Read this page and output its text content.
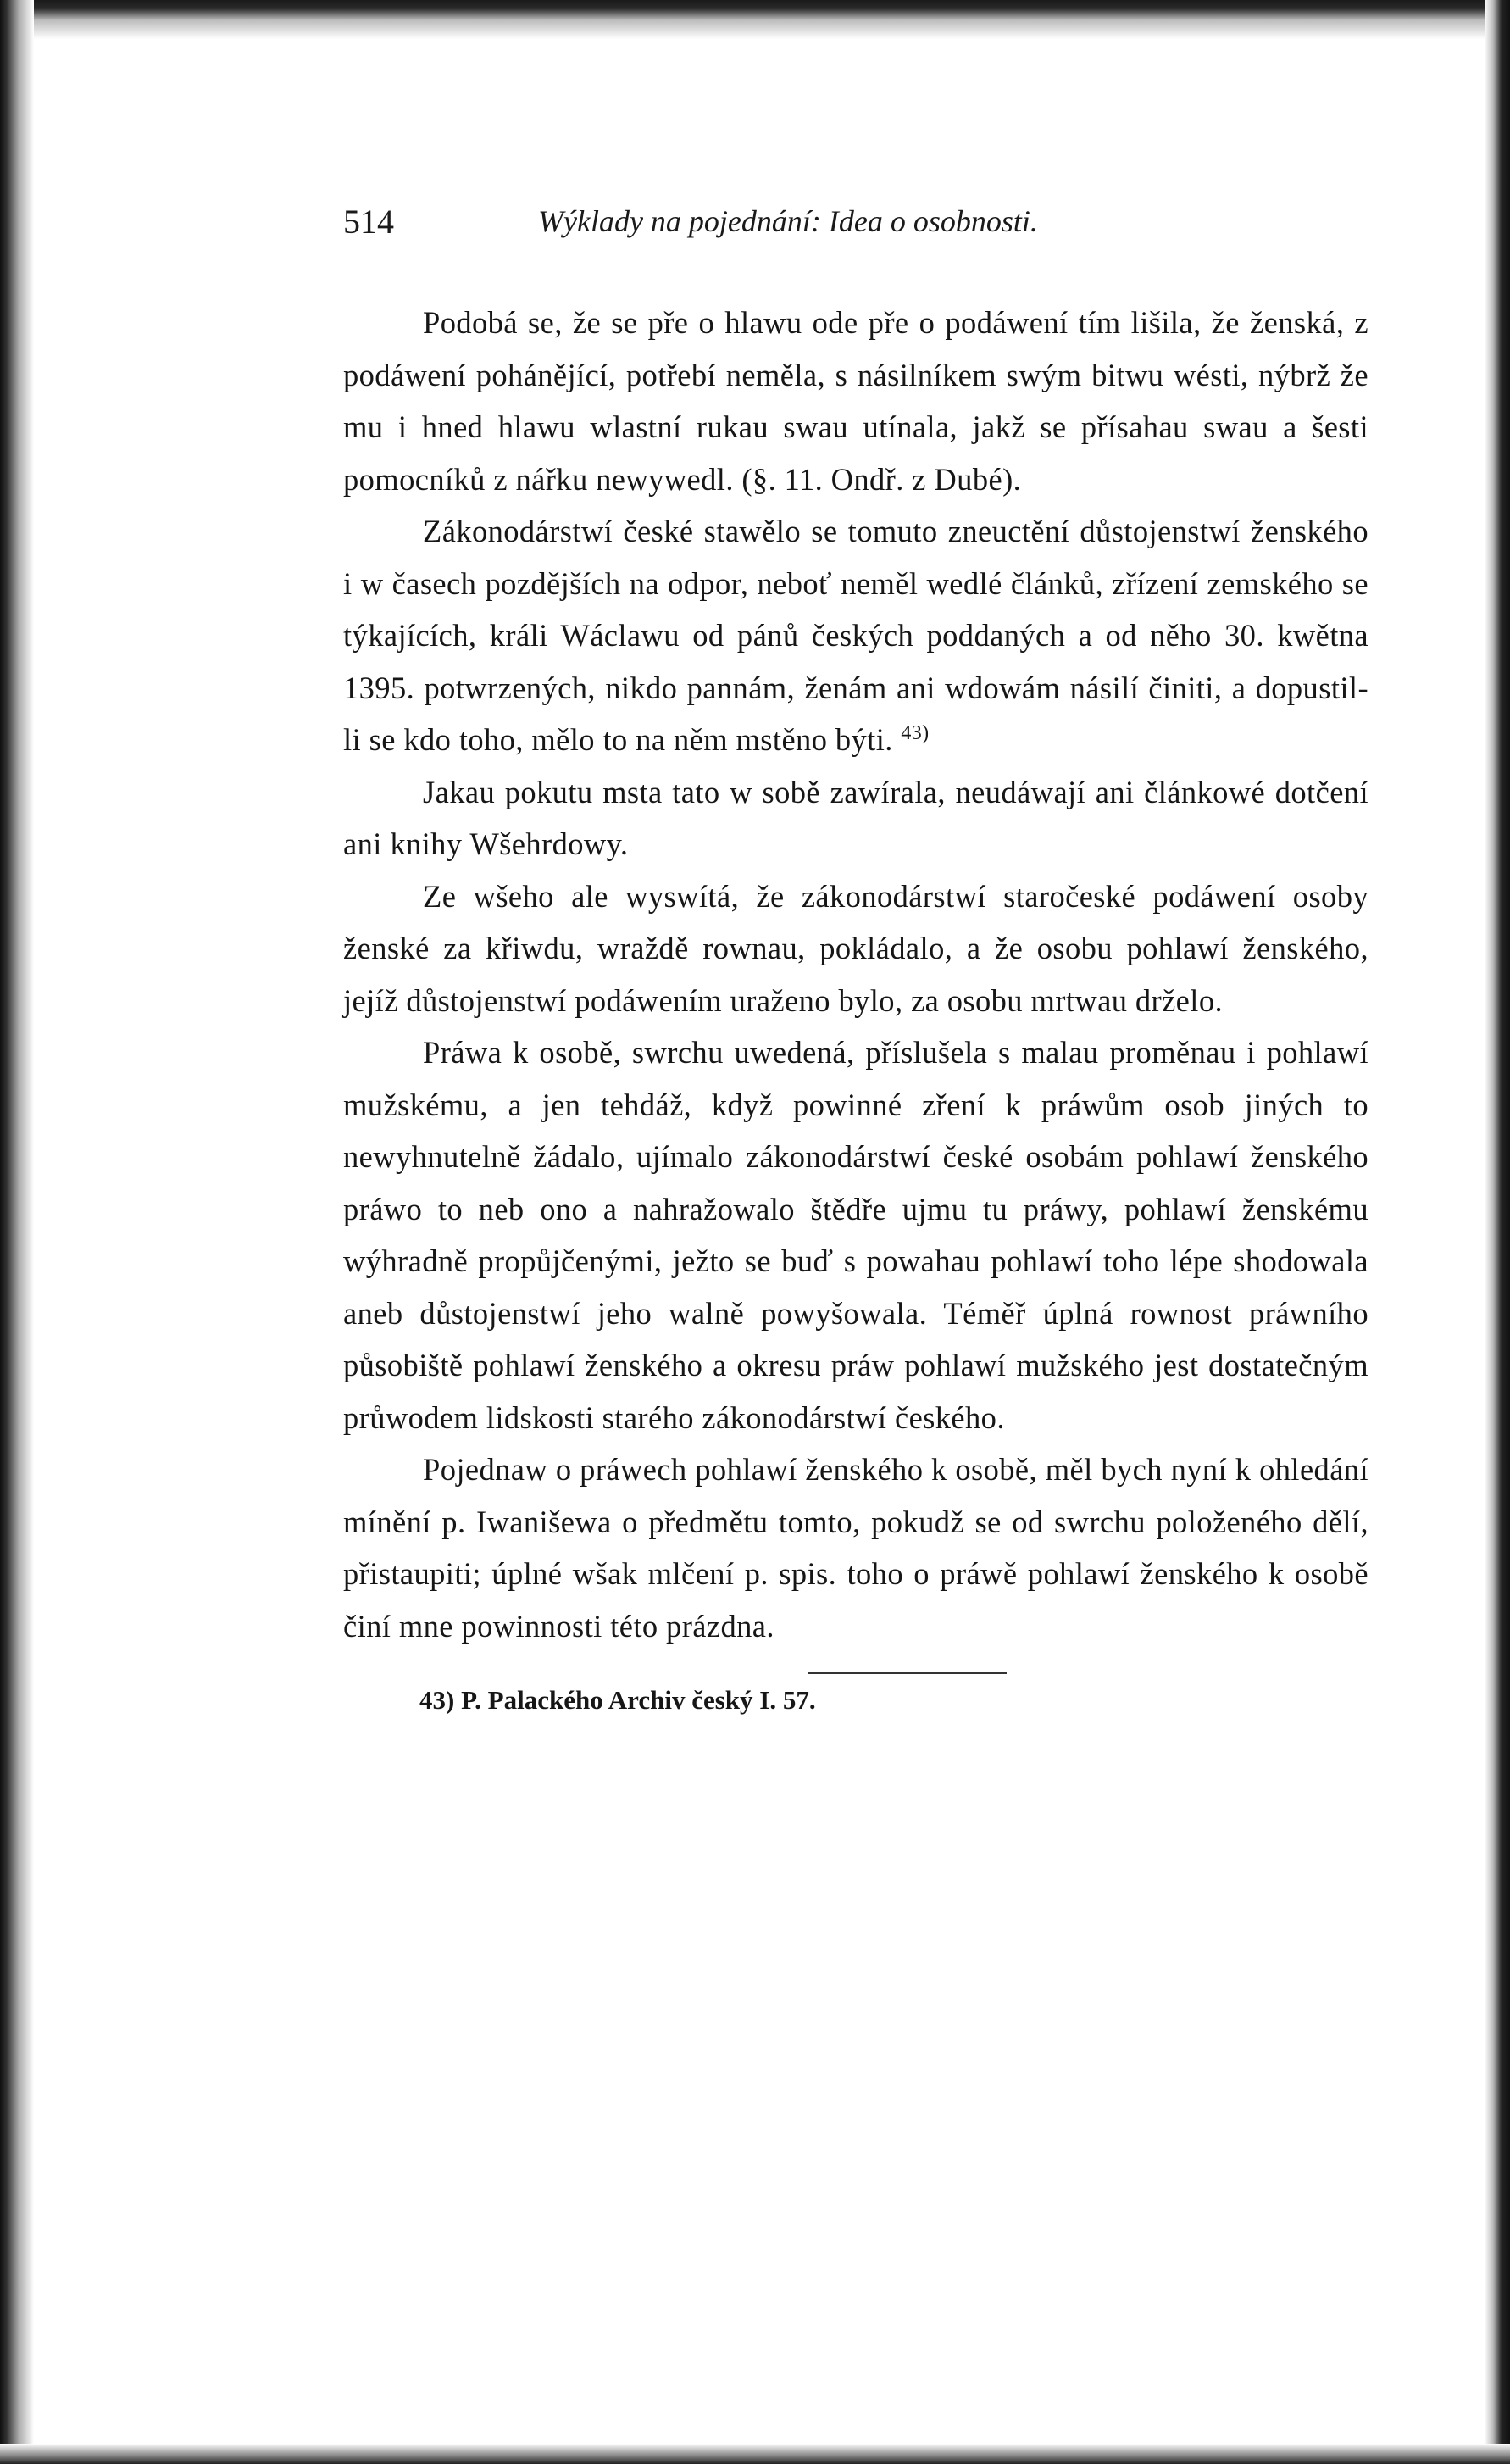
514	Wýklady na pojednání: Idea o osobnosti.

Podobá se, že se pře o hlawu ode pře o podáwení tím lišila, že ženská, z podáwení pohánějící, potřebí neměla, s násilníkem swým bitwu wésti, nýbrž že mu i hned hlawu wlastní rukau swau utínala, jakž se přísahau swau a šesti pomocníků z nářku newywedl. (§. 11. Ondř. z Dubé).

Zákonodárstwí české stawělo se tomuto zneuctění důstojenstwí ženského i w časech pozdějších na odpor, neboť neměl wedlé článků, zřízení zemského se týkajících, králi Wáclawu od pánů českých poddaných a od něho 30. kwětna 1395. potwrzených, nikdo pannám, ženám ani wdowám násilí činiti, a dopustil-li se kdo toho, mělo to na něm mstěno býti. $^{43)}$

Jakau pokutu msta tato w sobě zawírala, neudáwají ani článkowé dotčení ani knihy Wšehrdowy.

Ze wšeho ale wyswítá, že zákonodárstwí staročeské podáwení osoby ženské za křiwdu, wraždě rownau, pokládalo, a že osobu pohlawí ženského, jejíž důstojenstwí podáwením uraženo bylo, za osobu mrtwau drželo.

Práwa k osobě, swrchu uwedená, příslušela s malau proměnau i pohlawí mužskému, a jen tehdáž, když powinné zření k práwům osob jiných to newyhnutelně žádalo, ujímalo zákonodárstwí české osobám pohlawí ženského práwo to neb ono a nahražowalo štědře ujmu tu práwy, pohlawí ženskému wýhradně propůjčenými, ježto se buď s powahau pohlawí toho lépe shodowala aneb důstojenstwí jeho walně powyšowala. Téměř úplná rownost práwního působiště pohlawí ženského a okresu práw pohlawí mužského jest dostatečným průwodem lidskosti starého zákonodárstwí českého.

Pojednaw o práwech pohlawí ženského k osobě, měl bych nyní k ohledání mínění p. Iwanišewa o předmětu tomto, pokudž se od swrchu položeného dělí, přistaupiti; úplné wšak mlčení p. spis. toho o práwě pohlawí ženského k osobě činí mne powinnosti této prázdna.

43) P. Palackého Archiv český I. 57.
